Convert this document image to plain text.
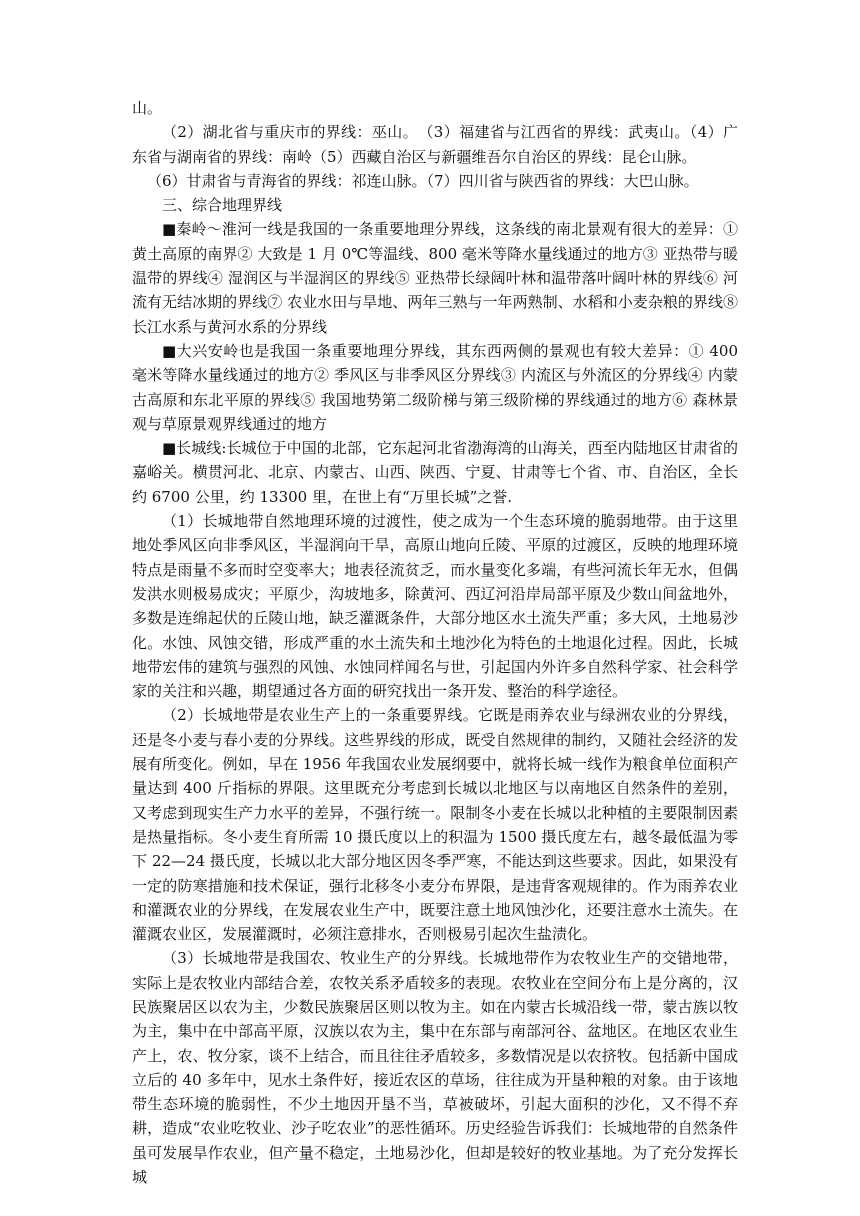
山。

（2）湖北省与重庆市的界线：巫山。　（3）福建省与江西省的界线：武夷山。（4）广东省与湖南省的界线：南岭（5）西藏自治区与新疆维吾尔自治区的界线：昆仑山脉。

（6）甘肃省与青海省的界线：祁连山脉。（7）四川省与陕西省的界线：大巴山脉。

三、综合地理界线

■秦岭～淮河一线是我国的一条重要地理分界线，这条线的南北景观有很大的差异：① 黄土高原的南界② 大致是 1 月 0℃等温线、800 毫米等降水量线通过的地方③ 亚热带与暖温带的界线④ 湿润区与半湿润区的界线⑤ 亚热带长绿阔叶林和温带落叶阔叶林的界线⑥ 河流有无结冰期的界线⑦ 农业水田与旱地、两年三熟与一年两熟制、水稻和小麦杂粮的界线⑧ 长江水系与黄河水系的分界线

■大兴安岭也是我国一条重要地理分界线，其东西两侧的景观也有较大差异：① 400 毫米等降水量线通过的地方② 季风区与非季风区分界线③ 内流区与外流区的分界线④ 内蒙古高原和东北平原的界线⑤ 我国地势第二级阶梯与第三级阶梯的界线通过的地方⑥ 森林景观与草原景观界线通过的地方

■长城线:长城位于中国的北部，它东起河北省渤海湾的山海关，西至内陆地区甘肃省的嘉峪关。横贯河北、北京、内蒙古、山西、陕西、宁夏、甘肃等七个省、市、自治区，全长约 6700 公里，约 13300 里，在世上有“万里长城”之誉.

（1）长城地带自然地理环境的过渡性，使之成为一个生态环境的脆弱地带。由于这里地处季风区向非季风区，半湿润向干旱，高原山地向丘陵、平原的过渡区，反映的地理环境特点是雨量不多而时空变率大；地表径流贫乏，而水量变化多端，有些河流长年无水，但偶发洪水则极易成灾；平原少，沟坡地多，除黄河、西辽河沿岸局部平原及少数山间盆地外，多数是连绵起伏的丘陵山地，缺乏灌溉条件，大部分地区水土流失严重；多大风，土地易沙化。水蚀、风蚀交错，形成严重的水土流失和土地沙化为特色的土地退化过程。因此，长城地带宏伟的建筑与强烈的风蚀、水蚀同样闻名与世，引起国内外许多自然科学家、社会科学家的关注和兴趣，期望通过各方面的研究找出一条开发、整治的科学途径。

（2）长城地带是农业生产上的一条重要界线。它既是雨养农业与绿洲农业的分界线，还是冬小麦与春小麦的分界线。这些界线的形成，既受自然规律的制约，又随社会经济的发展有所变化。例如，早在 1956 年我国农业发展纲要中，就将长城一线作为粮食单位面积产量达到 400 斤指标的界限。这里既充分考虑到长城以北地区与以南地区自然条件的差别，又考虑到现实生产力水平的差异，不强行统一。限制冬小麦在长城以北种植的主要限制因素是热量指标。冬小麦生育所需 10 摄氏度以上的积温为 1500 摄氏度左右，越冬最低温为零下 22—24 摄氏度，长城以北大部分地区因冬季严寒，不能达到这些要求。因此，如果没有一定的防寒措施和技术保证，强行北移冬小麦分布界限，是违背客观规律的。作为雨养农业和灌溉农业的分界线，在发展农业生产中，既要注意土地风蚀沙化，还要注意水土流失。在灌溉农业区，发展灌溉时，必须注意排水，否则极易引起次生盐渍化。

（3）长城地带是我国农、牧业生产的分界线。长城地带作为农牧业生产的交错地带，实际上是农牧业内部结合差，农牧关系矛盾较多的表现。农牧业在空间分布上是分离的，汉民族聚居区以农为主，少数民族聚居区则以牧为主。如在内蒙古长城沿线一带，蒙古族以牧为主，集中在中部高平原，汉族以农为主，集中在东部与南部河谷、盆地区。在地区农业生产上，农、牧分家，谈不上结合，而且往往矛盾较多，多数情况是以农挤牧。包括新中国成立后的 40 多年中，见水土条件好，接近农区的草场，往往成为开垦种粮的对象。由于该地带生态环境的脆弱性，不少土地因开垦不当，草被破坏，引起大面积的沙化，又不得不弃耕，造成“农业吃牧业、沙子吃农业”的恶性循环。历史经验告诉我们：长城地带的自然条件虽可发展旱作农业，但产量不稳定，土地易沙化，但却是较好的牧业基地。为了充分发挥长城
